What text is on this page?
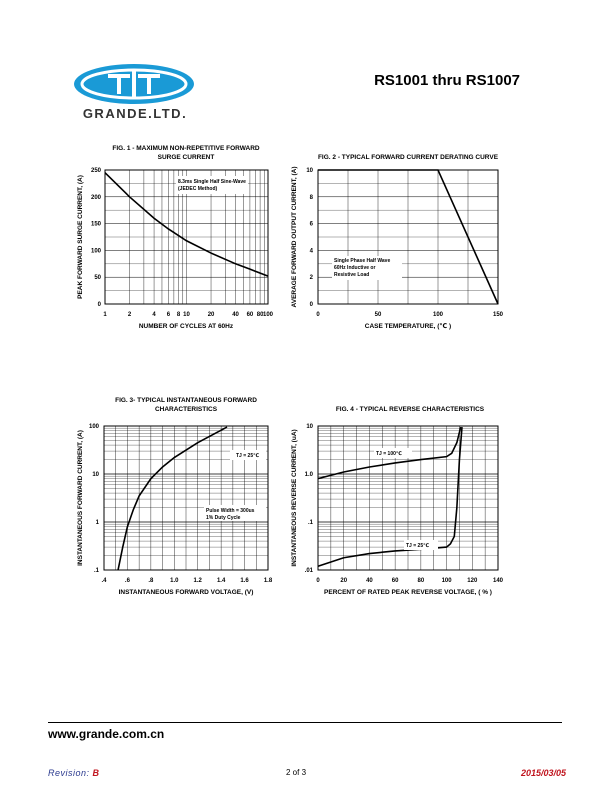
GRANDE.LTD.
RS1001 thru RS1007
FIG. 1 - MAXIMUM NON-REPETITIVE FORWARD
SURGE CURRENT
0
50
100
150
200
250
1	2	4 6 8 10	20	40 60 80 100
8.3ms Single Half Sine-Wave
(JEDEC Method)
NUMBER OF CYCLES AT 60Hz
PEAK FORWARD SURGE CURRENT, (A)
FIG. 2 - TYPICAL FORWARD CURRENT DERATING CURVE
0
2
4
6
8
10
0	50	100	150
Single Phase Half Wave
60Hz Inductive or
Resistive Load
CASE TEMPERATURE, (℃ )
AVERAGE FORWARD OUTPUT CURRENT, (A)
FIG. 3- TYPICAL INSTANTANEOUS FORWARD
CHARACTERISTICS
.1
1
10
100
.4	.6	.8	1.0	1.2	1.4	1.6	1.8
TJ = 25℃
Pulse Width = 300us
1% Duty Cycle
INSTANTANEOUS FORWARD VOLTAGE, (V)
INSTANTANEOUS FORWARD CURRENT, (A)
FIG. 4 - TYPICAL REVERSE CHARACTERISTICS
.01
.1
1.0
10
0	20	40	60	80	100	120	140
TJ = 100℃
TJ = 25℃
PERCENT OF RATED PEAK REVERSE VOLTAGE, ( % )
INSTANTANEOUS REVERSE CURRENT, (uA)
www.grande.com.cn
Revision: B	2 of 3	2015/03/05
